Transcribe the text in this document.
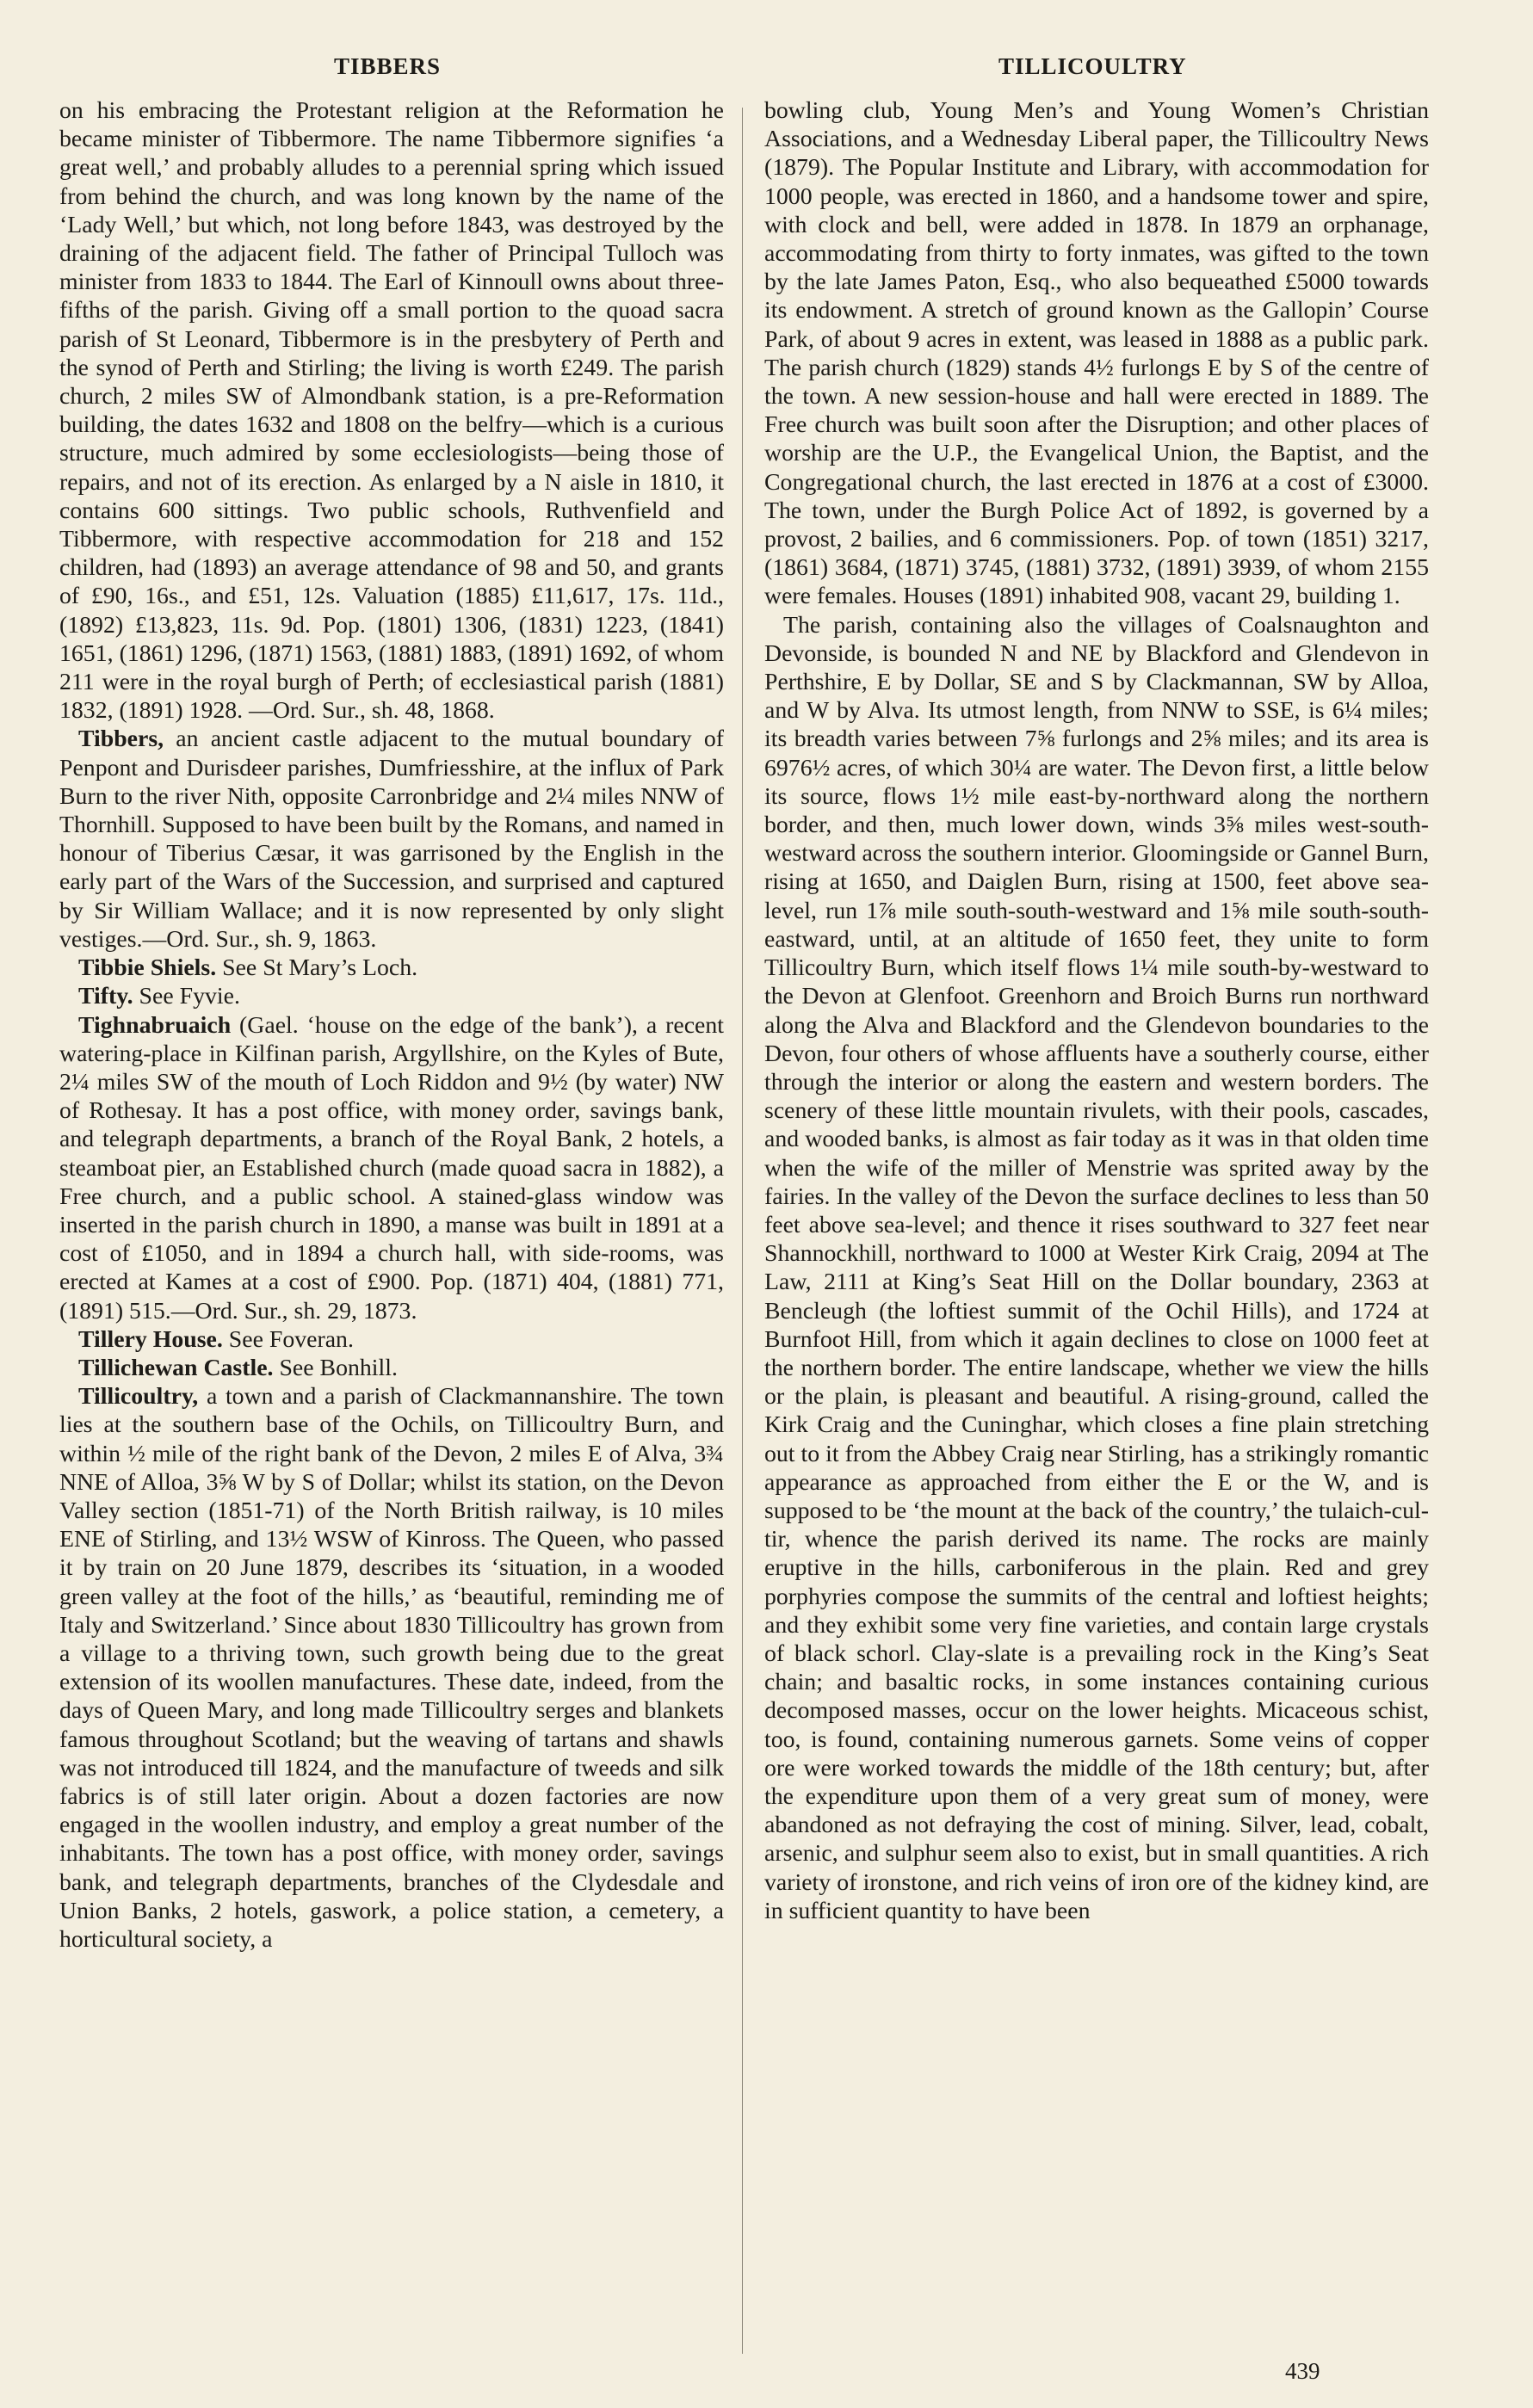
TIBBERS	TILLICOULTRY

on his embracing the Protestant religion at the Reformation he became minister of Tibbermore. The name Tibbermore signifies ‘a great well,’ and probably alludes to a perennial spring which issued from behind the church, and was long known by the name of the ‘Lady Well,’ but which, not long before 1843, was destroyed by the draining of the adjacent field. The father of Principal Tulloch was minister from 1833 to 1844. The Earl of Kinnoull owns about three-fifths of the parish. Giving off a small portion to the quoad sacra parish of St Leonard, Tibbermore is in the presbytery of Perth and the synod of Perth and Stirling; the living is worth £249. The parish church, 2 miles SW of Almondbank station, is a pre-Reformation building, the dates 1632 and 1808 on the belfry—which is a curious structure, much admired by some ecclesiologists—being those of repairs, and not of its erection. As enlarged by a N aisle in 1810, it contains 600 sittings. Two public schools, Ruthvenfield and Tibbermore, with respective accommodation for 218 and 152 children, had (1893) an average attendance of 98 and 50, and grants of £90, 16s., and £51, 12s. Valuation (1885) £11,617, 17s. 11d., (1892) £13,823, 11s. 9d. Pop. (1801) 1306, (1831) 1223, (1841) 1651, (1861) 1296, (1871) 1563, (1881) 1883, (1891) 1692, of whom 211 were in the royal burgh of Perth; of ecclesiastical parish (1881) 1832, (1891) 1928. —Ord. Sur., sh. 48, 1868.

Tibbers, an ancient castle adjacent to the mutual boundary of Penpont and Durisdeer parishes, Dumfriesshire, at the influx of Park Burn to the river Nith, opposite Carronbridge and 2¼ miles NNW of Thornhill. Supposed to have been built by the Romans, and named in honour of Tiberius Cæsar, it was garrisoned by the English in the early part of the Wars of the Succession, and surprised and captured by Sir William Wallace; and it is now represented by only slight vestiges.—Ord. Sur., sh. 9, 1863.

Tibbie Shiels. See St Mary’s Loch.

Tifty. See Fyvie.

Tighnabruaich (Gael. ‘house on the edge of the bank’), a recent watering-place in Kilfinan parish, Argyllshire, on the Kyles of Bute, 2¼ miles SW of the mouth of Loch Riddon and 9½ (by water) NW of Rothesay. It has a post office, with money order, savings bank, and telegraph departments, a branch of the Royal Bank, 2 hotels, a steamboat pier, an Established church (made quoad sacra in 1882), a Free church, and a public school. A stained-glass window was inserted in the parish church in 1890, a manse was built in 1891 at a cost of £1050, and in 1894 a church hall, with side-rooms, was erected at Kames at a cost of £900. Pop. (1871) 404, (1881) 771, (1891) 515.—Ord. Sur., sh. 29, 1873.

Tillery House. See Foveran.

Tillichewan Castle. See Bonhill.

Tillicoultry, a town and a parish of Clackmannanshire. The town lies at the southern base of the Ochils, on Tillicoultry Burn, and within ½ mile of the right bank of the Devon, 2 miles E of Alva, 3¾ NNE of Alloa, 3⅝ W by S of Dollar; whilst its station, on the Devon Valley section (1851-71) of the North British railway, is 10 miles ENE of Stirling, and 13½ WSW of Kinross. The Queen, who passed it by train on 20 June 1879, describes its ‘situation, in a wooded green valley at the foot of the hills,’ as ‘beautiful, reminding me of Italy and Switzerland.’ Since about 1830 Tillicoultry has grown from a village to a thriving town, such growth being due to the great extension of its woollen manufactures. These date, indeed, from the days of Queen Mary, and long made Tillicoultry serges and blankets famous throughout Scotland; but the weaving of tartans and shawls was not introduced till 1824, and the manufacture of tweeds and silk fabrics is of still later origin. About a dozen factories are now engaged in the woollen industry, and employ a great number of the inhabitants. The town has a post office, with money order, savings bank, and telegraph departments, branches of the Clydesdale and Union Banks, 2 hotels, gaswork, a police station, a cemetery, a horticultural society, a

bowling club, Young Men’s and Young Women’s Christian Associations, and a Wednesday Liberal paper, the Tillicoultry News (1879). The Popular Institute and Library, with accommodation for 1000 people, was erected in 1860, and a handsome tower and spire, with clock and bell, were added in 1878. In 1879 an orphanage, accommodating from thirty to forty inmates, was gifted to the town by the late James Paton, Esq., who also bequeathed £5000 towards its endowment. A stretch of ground known as the Gallopin’ Course Park, of about 9 acres in extent, was leased in 1888 as a public park. The parish church (1829) stands 4½ furlongs E by S of the centre of the town. A new session-house and hall were erected in 1889. The Free church was built soon after the Disruption; and other places of worship are the U.P., the Evangelical Union, the Baptist, and the Congregational church, the last erected in 1876 at a cost of £3000. The town, under the Burgh Police Act of 1892, is governed by a provost, 2 bailies, and 6 commissioners. Pop. of town (1851) 3217, (1861) 3684, (1871) 3745, (1881) 3732, (1891) 3939, of whom 2155 were females. Houses (1891) inhabited 908, vacant 29, building 1.

The parish, containing also the villages of Coalsnaughton and Devonside, is bounded N and NE by Blackford and Glendevon in Perthshire, E by Dollar, SE and S by Clackmannan, SW by Alloa, and W by Alva. Its utmost length, from NNW to SSE, is 6¼ miles; its breadth varies between 7⅝ furlongs and 2⅝ miles; and its area is 6976½ acres, of which 30¼ are water. The Devon first, a little below its source, flows 1½ mile east-by-northward along the northern border, and then, much lower down, winds 3⅝ miles west-south-westward across the southern interior. Gloomingside or Gannel Burn, rising at 1650, and Daiglen Burn, rising at 1500, feet above sea-level, run 1⅞ mile south-south-westward and 1⅝ mile south-south-eastward, until, at an altitude of 1650 feet, they unite to form Tillicoultry Burn, which itself flows 1¼ mile south-by-westward to the Devon at Glenfoot. Greenhorn and Broich Burns run northward along the Alva and Blackford and the Glendevon boundaries to the Devon, four others of whose affluents have a southerly course, either through the interior or along the eastern and western borders. The scenery of these little mountain rivulets, with their pools, cascades, and wooded banks, is almost as fair today as it was in that olden time when the wife of the miller of Menstrie was sprited away by the fairies. In the valley of the Devon the surface declines to less than 50 feet above sea-level; and thence it rises southward to 327 feet near Shannockhill, northward to 1000 at Wester Kirk Craig, 2094 at The Law, 2111 at King’s Seat Hill on the Dollar boundary, 2363 at Bencleugh (the loftiest summit of the Ochil Hills), and 1724 at Burnfoot Hill, from which it again declines to close on 1000 feet at the northern border. The entire landscape, whether we view the hills or the plain, is pleasant and beautiful. A rising-ground, called the Kirk Craig and the Cuninghar, which closes a fine plain stretching out to it from the Abbey Craig near Stirling, has a strikingly romantic appearance as approached from either the E or the W, and is supposed to be ‘the mount at the back of the country,’ the tulaich-cul-tir, whence the parish derived its name. The rocks are mainly eruptive in the hills, carboniferous in the plain. Red and grey porphyries compose the summits of the central and loftiest heights; and they exhibit some very fine varieties, and contain large crystals of black schorl. Clay-slate is a prevailing rock in the King’s Seat chain; and basaltic rocks, in some instances containing curious decomposed masses, occur on the lower heights. Micaceous schist, too, is found, containing numerous garnets. Some veins of copper ore were worked towards the middle of the 18th century; but, after the expenditure upon them of a very great sum of money, were abandoned as not defraying the cost of mining. Silver, lead, cobalt, arsenic, and sulphur seem also to exist, but in small quantities. A rich variety of ironstone, and rich veins of iron ore of the kidney kind, are in sufficient quantity to have been

439
